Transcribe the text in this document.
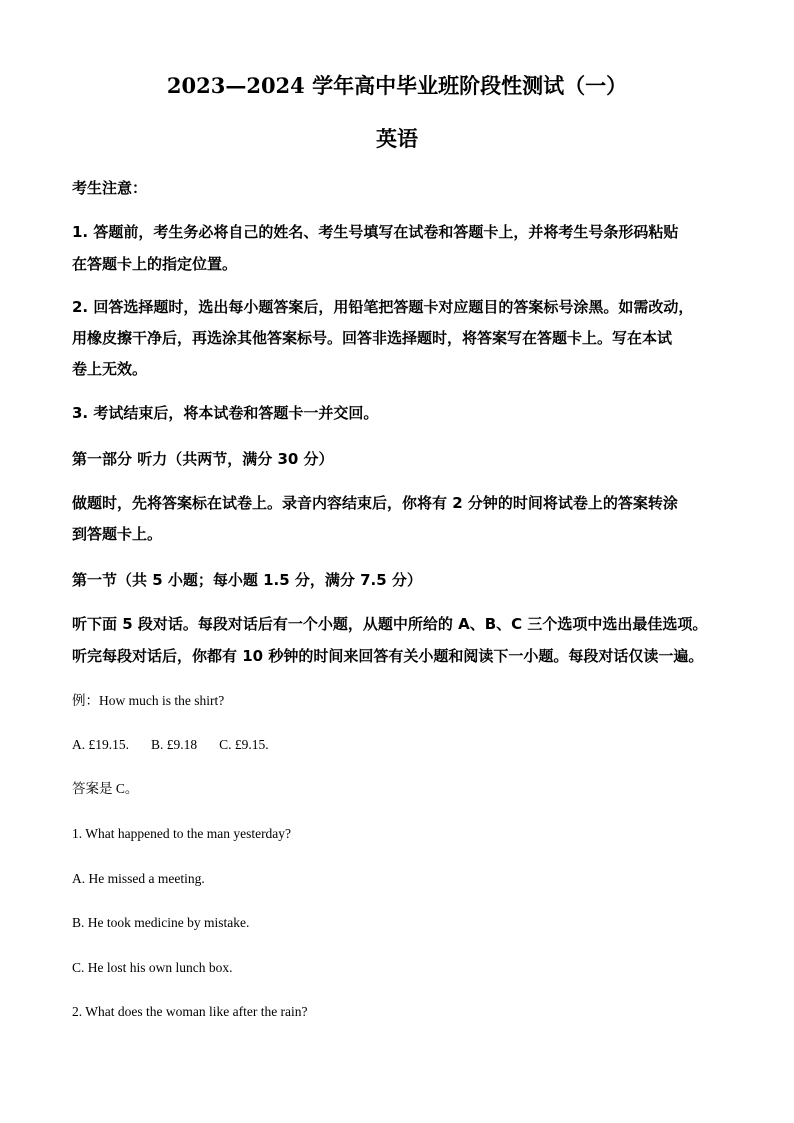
2023—2024 学年高中毕业班阶段性测试（一）
英语
考生注意：
1. 答题前，考生务必将自己的姓名、考生号填写在试卷和答题卡上，并将考生号条形码粘贴
在答题卡上的指定位置。
2. 回答选择题时，选出每小题答案后，用铅笔把答题卡对应题目的答案标号涂黑。如需改动，
用橡皮擦干净后，再选涂其他答案标号。回答非选择题时，将答案写在答题卡上。写在本试
卷上无效。
3. 考试结束后，将本试卷和答题卡一并交回。
第一部分 听力（共两节，满分 30 分）
做题时，先将答案标在试卷上。录音内容结束后，你将有 2 分钟的时间将试卷上的答案转涂
到答题卡上。
第一节（共 5 小题；每小题 1.5 分，满分 7.5 分）
听下面 5 段对话。每段对话后有一个小题，从题中所给的 A、B、C 三个选项中选出最佳选项。
听完每段对话后，你都有 10 秒钟的时间来回答有关小题和阅读下一小题。每段对话仅读一遍。
例：How much is the shirt?
A. £19.15. B. £9.18 C. £9.15.
答案是 C。
1. What happened to the man yesterday?
A. He missed a meeting.
B. He took medicine by mistake.
C. He lost his own lunch box.
2. What does the woman like after the rain?
